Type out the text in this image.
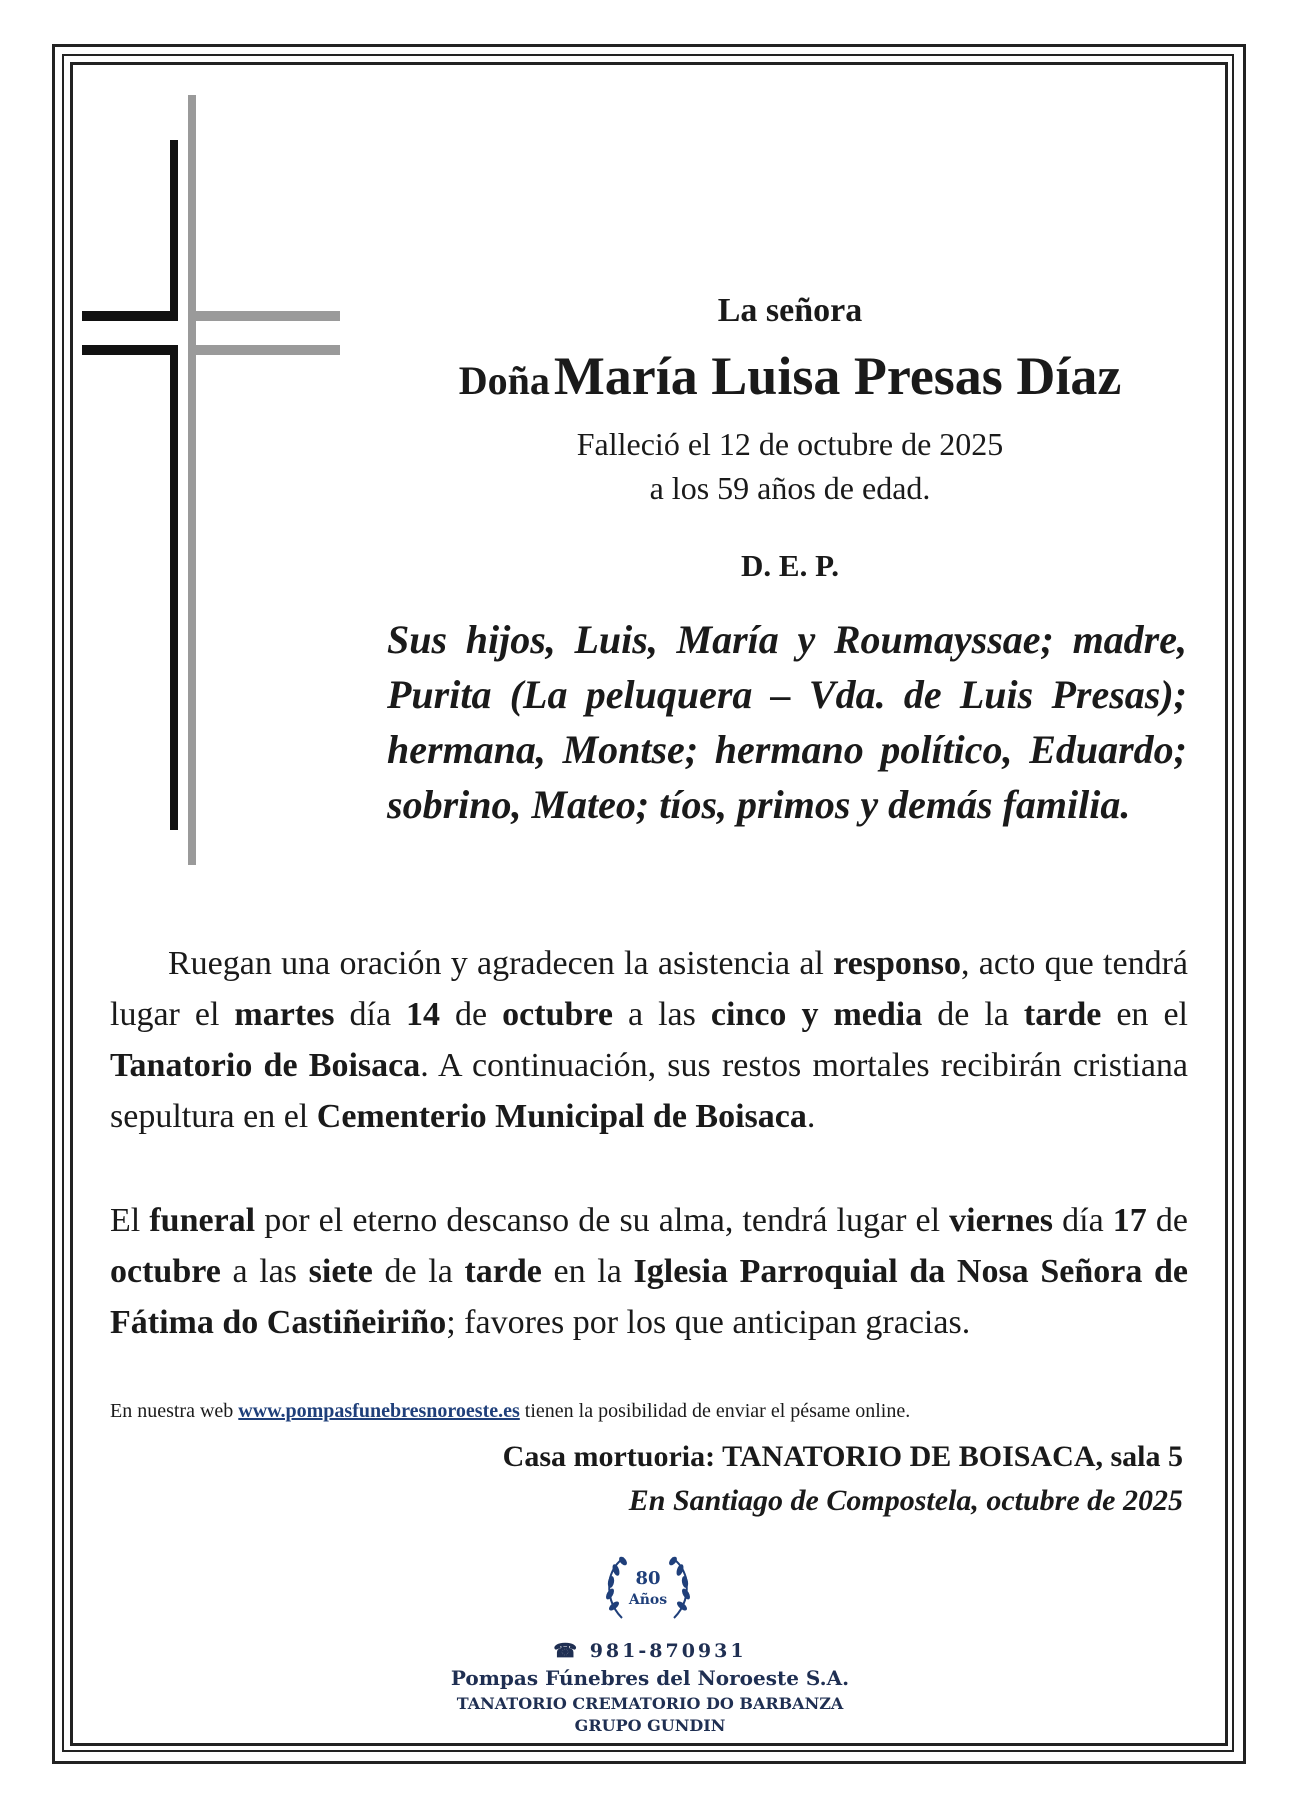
La señora
Doña María Luisa Presas Díaz
Falleció el 12 de octubre de 2025
a los 59 años de edad.
D. E. P.
Sus hijos, Luis, María y Roumayssae; madre, Purita (La peluquera – Vda. de Luis Presas); hermana, Montse; hermano político, Eduardo; sobrino, Mateo; tíos, primos y demás familia.
Ruegan una oración y agradecen la asistencia al responso, acto que tendrá lugar el martes día 14 de octubre a las cinco y media de la tarde en el Tanatorio de Boisaca. A continuación, sus restos mortales recibirán cristiana sepultura en el Cementerio Municipal de Boisaca.
El funeral por el eterno descanso de su alma, tendrá lugar el viernes día 17 de octubre a las siete de la tarde en la Iglesia Parroquial da Nosa Señora de Fátima do Castiñeiriño; favores por los que anticipan gracias.
En nuestra web www.pompasfunebresnoroeste.es tienen la posibilidad de enviar el pésame online.
Casa mortuoria: TANATORIO DE BOISACA, sala 5
En Santiago de Compostela, octubre de 2025
80
Años
☎ 981-870931
Pompas Fúnebres del Noroeste S.A.
TANATORIO CREMATORIO DO BARBANZA
GRUPO GUNDIN
